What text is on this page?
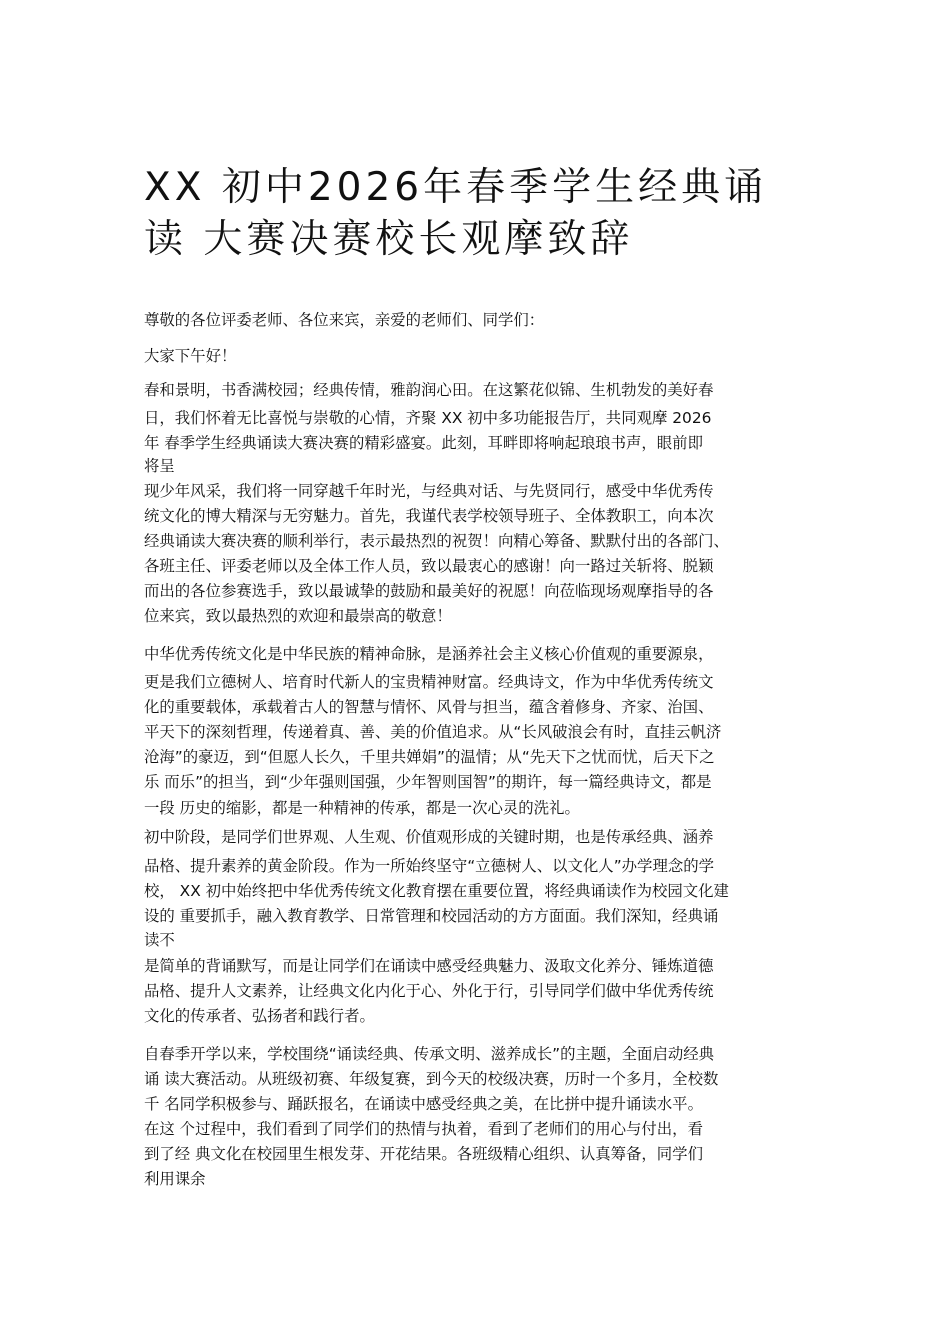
XX 初中2026年春季学生经典诵
读 大赛决赛校长观摩致辞
尊敬的各位评委老师、各位来宾，亲爱的老师们、同学们：
大家下午好！
春和景明，书香满校园；经典传情，雅韵润心田。在这繁花似锦、生机勃发的美好春
日，我们怀着无比喜悦与崇敬的心情，齐聚 XX 初中多功能报告厅，共同观摩 2026
年 春季学生经典诵读大赛决赛的精彩盛宴。此刻，耳畔即将响起琅琅书声，眼前即
将呈
现少年风采，我们将一同穿越千年时光，与经典对话、与先贤同行，感受中华优秀传
统文化的博大精深与无穷魅力。首先，我谨代表学校领导班子、全体教职工，向本次
经典诵读大赛决赛的顺利举行，表示最热烈的祝贺！向精心筹备、默默付出的各部门、
各班主任、评委老师以及全体工作人员，致以最衷心的感谢！向一路过关斩将、脱颖
而出的各位参赛选手，致以最诚挚的鼓励和最美好的祝愿！向莅临现场观摩指导的各
位来宾，致以最热烈的欢迎和最崇高的敬意！
中华优秀传统文化是中华民族的精神命脉，是涵养社会主义核心价值观的重要源泉，
更是我们立德树人、培育时代新人的宝贵精神财富。经典诗文，作为中华优秀传统文
化的重要载体，承载着古人的智慧与情怀、风骨与担当，蕴含着修身、齐家、治国、
平天下的深刻哲理，传递着真、善、美的价值追求。从“长风破浪会有时，直挂云帆济
沧海”的豪迈，到“但愿人长久，千里共婵娟”的温情；从“先天下之忧而忧，后天下之
乐 而乐”的担当，到“少年强则国强，少年智则国智”的期许，每一篇经典诗文，都是
一段 历史的缩影，都是一种精神的传承，都是一次心灵的洗礼。
初中阶段，是同学们世界观、人生观、价值观形成的关键时期，也是传承经典、涵养
品格、提升素养的黄金阶段。作为一所始终坚守“立德树人、以文化人”办学理念的学
校， XX 初中始终把中华优秀传统文化教育摆在重要位置，将经典诵读作为校园文化建
设的 重要抓手，融入教育教学、日常管理和校园活动的方方面面。我们深知，经典诵
读不
是简单的背诵默写，而是让同学们在诵读中感受经典魅力、汲取文化养分、锤炼道德
品格、提升人文素养，让经典文化内化于心、外化于行，引导同学们做中华优秀传统
文化的传承者、弘扬者和践行者。
自春季开学以来，学校围绕“诵读经典、传承文明、滋养成长”的主题，全面启动经典
诵 读大赛活动。从班级初赛、年级复赛，到今天的校级决赛，历时一个多月，全校数
千 名同学积极参与、踊跃报名，在诵读中感受经典之美，在比拼中提升诵读水平。
在这 个过程中，我们看到了同学们的热情与执着，看到了老师们的用心与付出，看
到了经 典文化在校园里生根发芽、开花结果。各班级精心组织、认真筹备，同学们
利用课余
